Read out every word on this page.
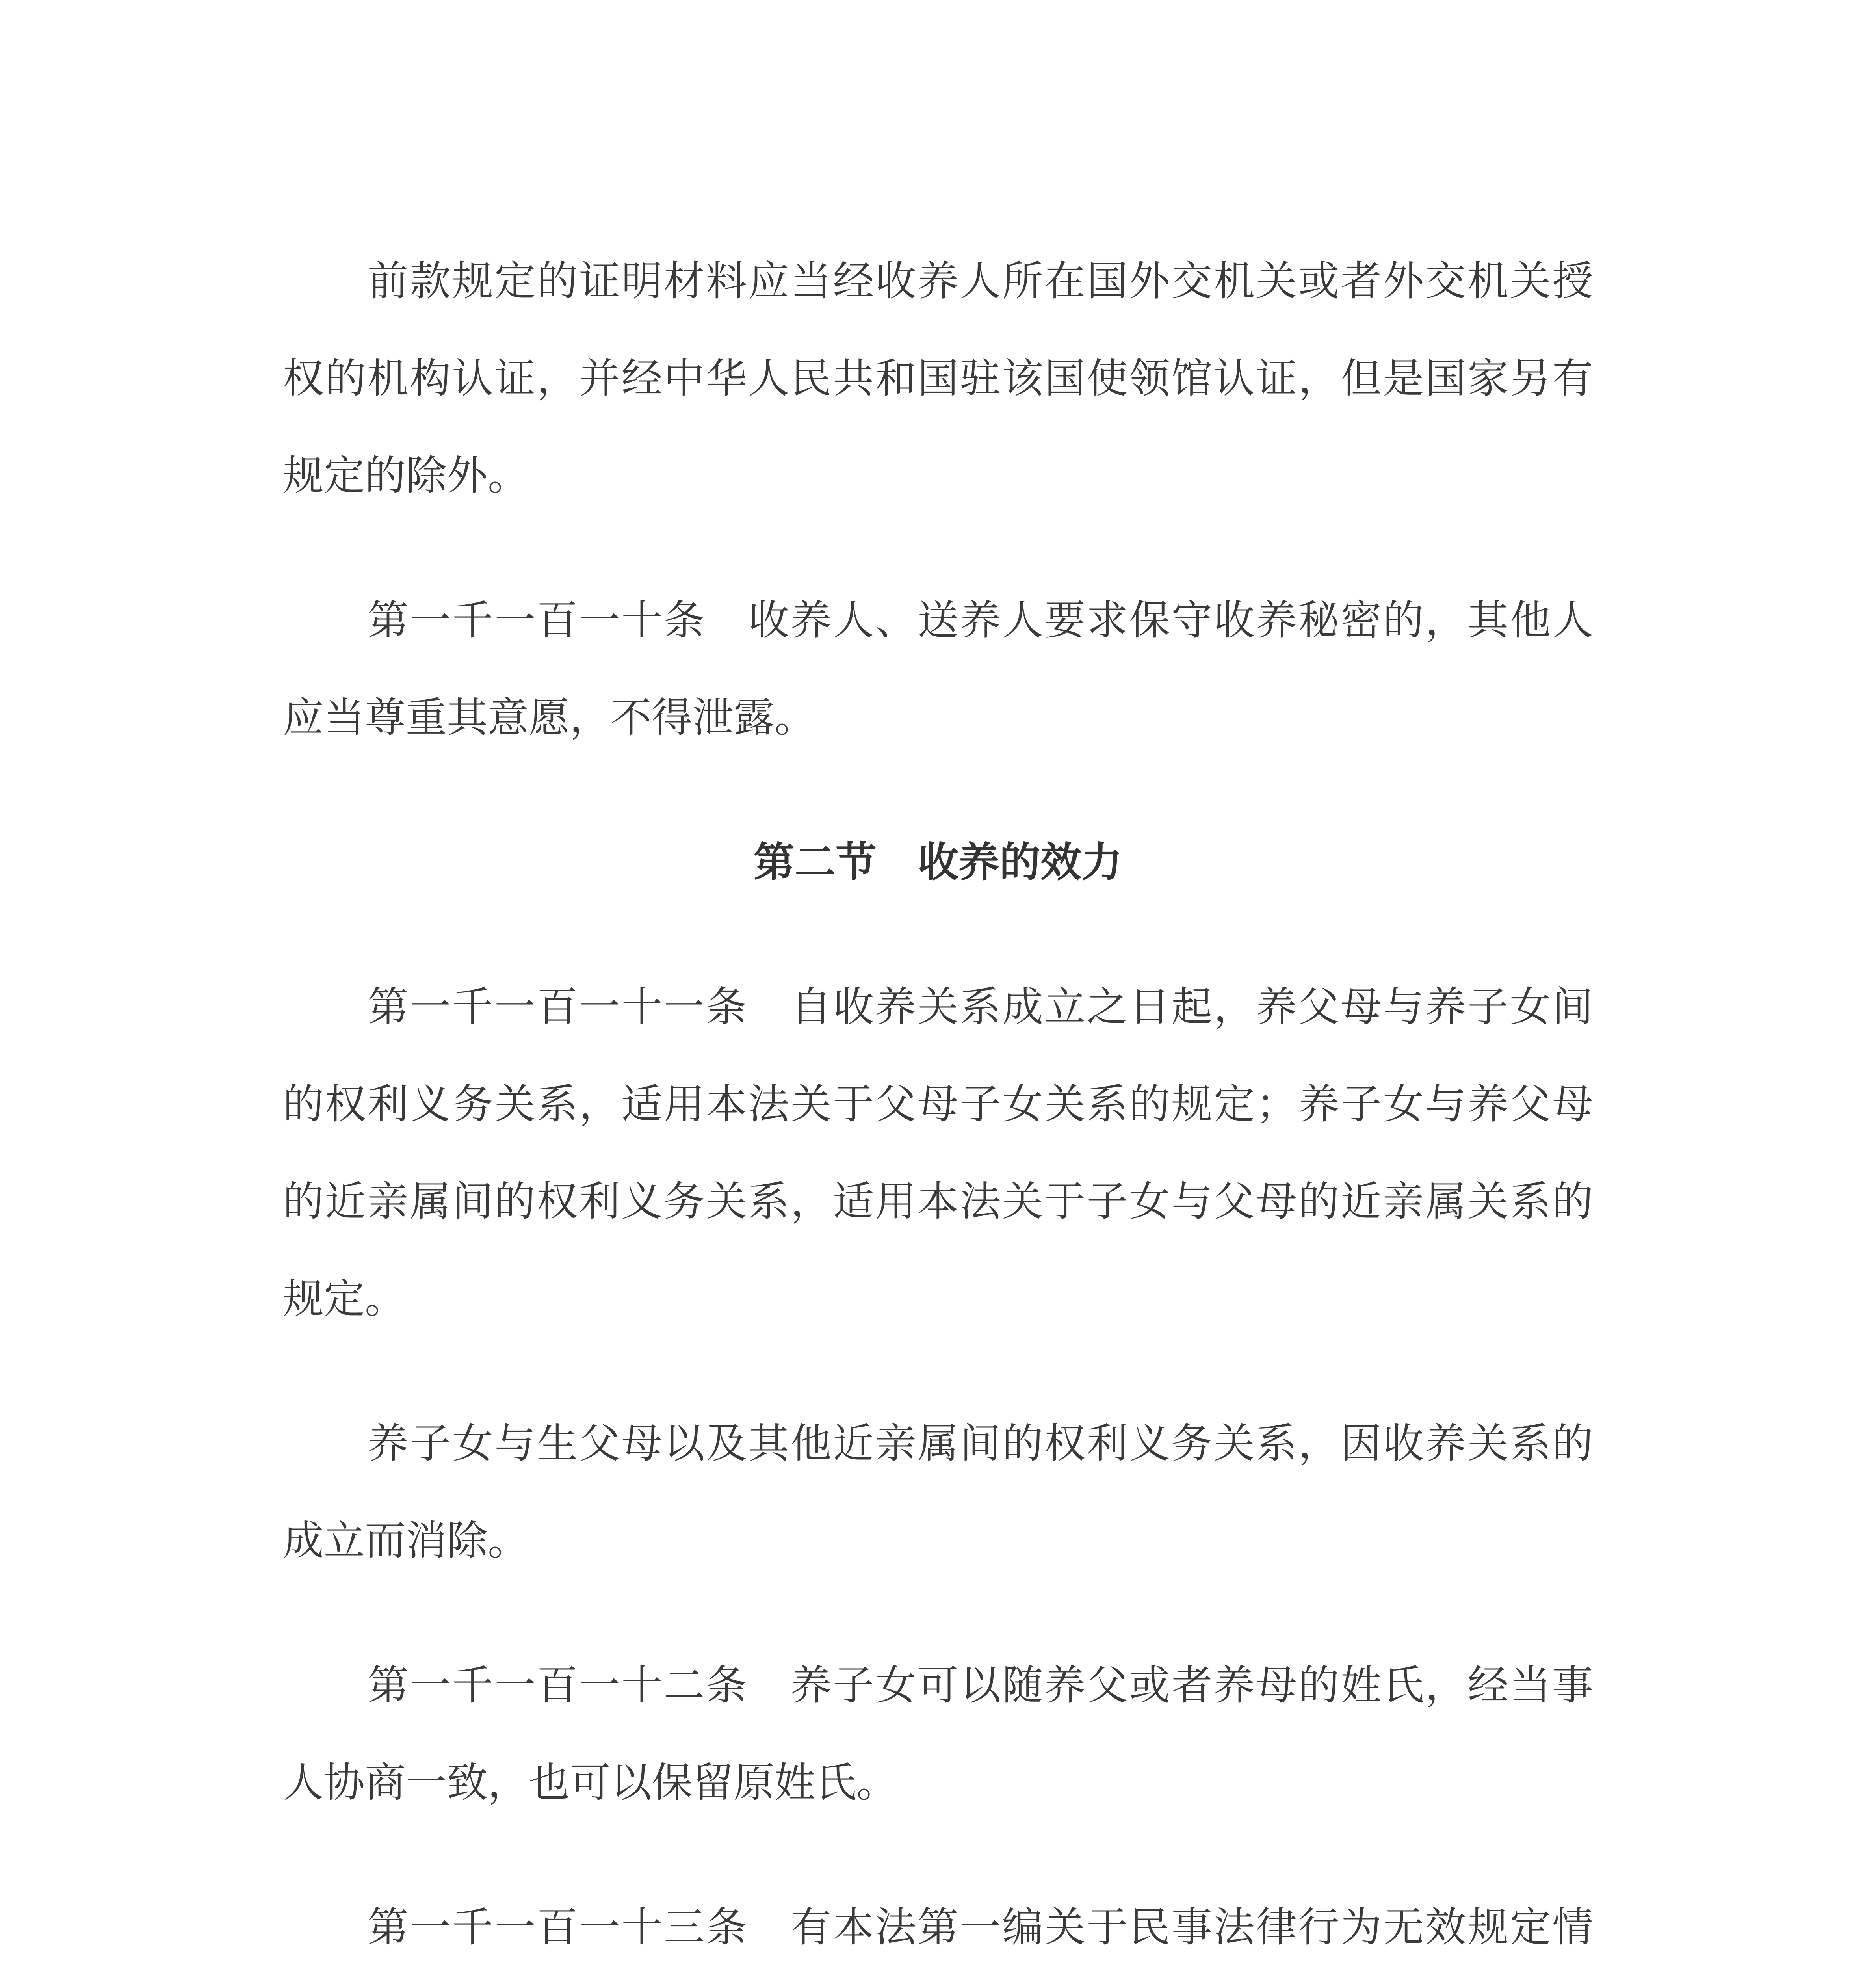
前款规定的证明材料应当经收养人所在国外交机关或者外交机关授权的机构认证，并经中华人民共和国驻该国使领馆认证，但是国家另有规定的除外。

第一千一百一十条　收养人、送养人要求保守收养秘密的，其他人应当尊重其意愿，不得泄露。

第二节　收养的效力

第一千一百一十一条　自收养关系成立之日起，养父母与养子女间的权利义务关系，适用本法关于父母子女关系的规定；养子女与养父母的近亲属间的权利义务关系，适用本法关于子女与父母的近亲属关系的规定。

养子女与生父母以及其他近亲属间的权利义务关系，因收养关系的成立而消除。

第一千一百一十二条　养子女可以随养父或者养母的姓氏，经当事人协商一致，也可以保留原姓氏。

第一千一百一十三条　有本法第一编关于民事法律行为无效规定情
